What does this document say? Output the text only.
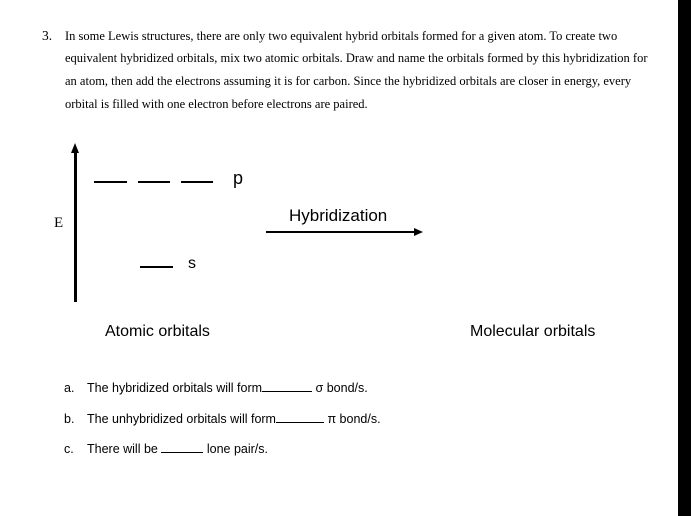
3. In some Lewis structures, there are only two equivalent hybrid orbitals formed for a given atom. To create two
equivalent hybridized orbitals, mix two atomic orbitals. Draw and name the orbitals formed by this hybridization for
an atom, then add the electrons assuming it is for carbon. Since the hybridized orbitals are closer in energy, every
orbital is filled with one electron before electrons are paired.
E
p
s
Hybridization
Atomic orbitals	Molecular orbitals
a. The hybridized orbitals will form	σ bond/s.
b. The unhybridized orbitals will form	π bond/s.
c. There will be	lone pair/s.
